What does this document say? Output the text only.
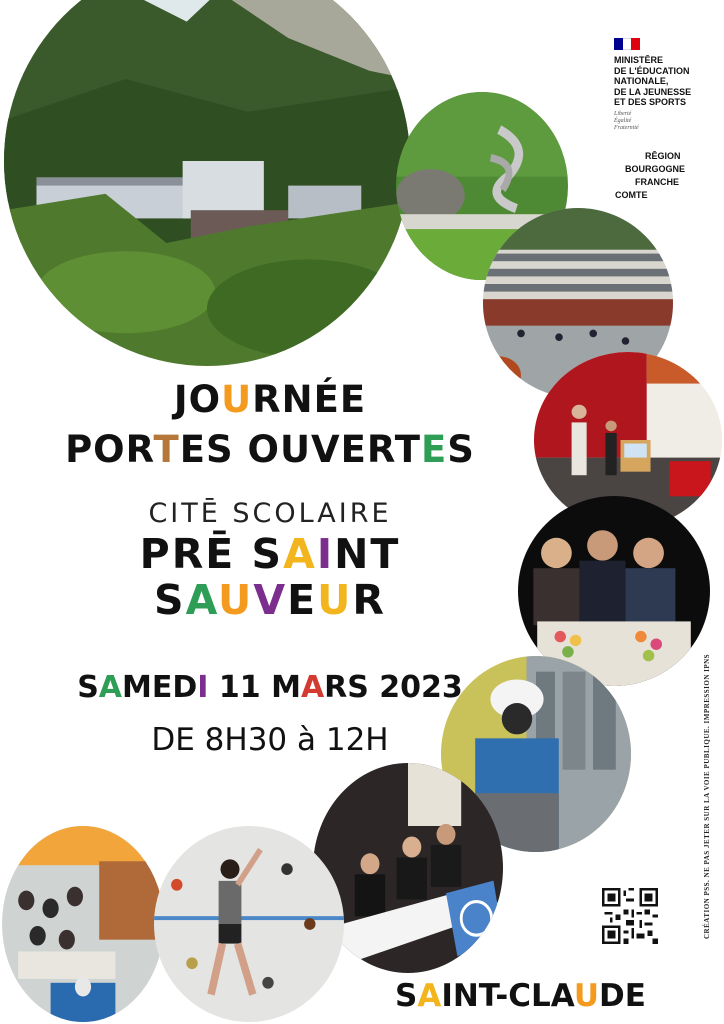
MINISTĒRE
DE L'ÉDUCATION
NATIONALE,
DE LA JEUNESSE
ET DES SPORTS
Liberté
Égalité
Fraternité
RĒGION
BOURGOGNE
FRANCHE
COMTE
JOURNÉE
PORTES OUVERTES
CITĒ SCOLAIRE
PRĒ SAINT
SAUVEUR
SAMEDI 11 MARS 2023
DE 8H30 à 12H
SAINT-CLAUDE
CRÉATION PSS. NE PAS JETER SUR LA VOIE PUBLIQUE. IMPRESSION IPNS
